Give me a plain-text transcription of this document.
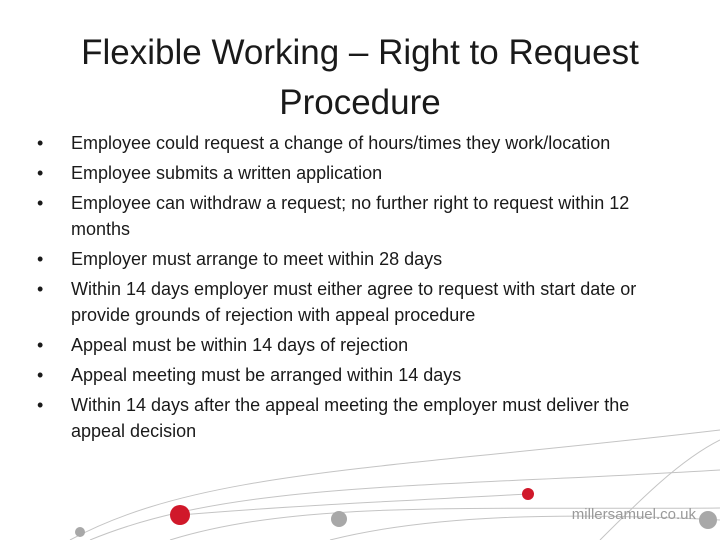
Flexible Working – Right to Request Procedure
• Employee could request a change of hours/times they work/location
• Employee submits a written application
• Employee can withdraw a request; no further right to request within 12 months
• Employer must arrange to meet within 28 days
• Within 14 days employer must either agree to request with start date or provide grounds of rejection with appeal procedure
• Appeal must be within 14 days of rejection
• Appeal meeting must be arranged within 14 days
• Within 14 days after the appeal meeting the employer must deliver the appeal decision
millersamuel.co.uk
